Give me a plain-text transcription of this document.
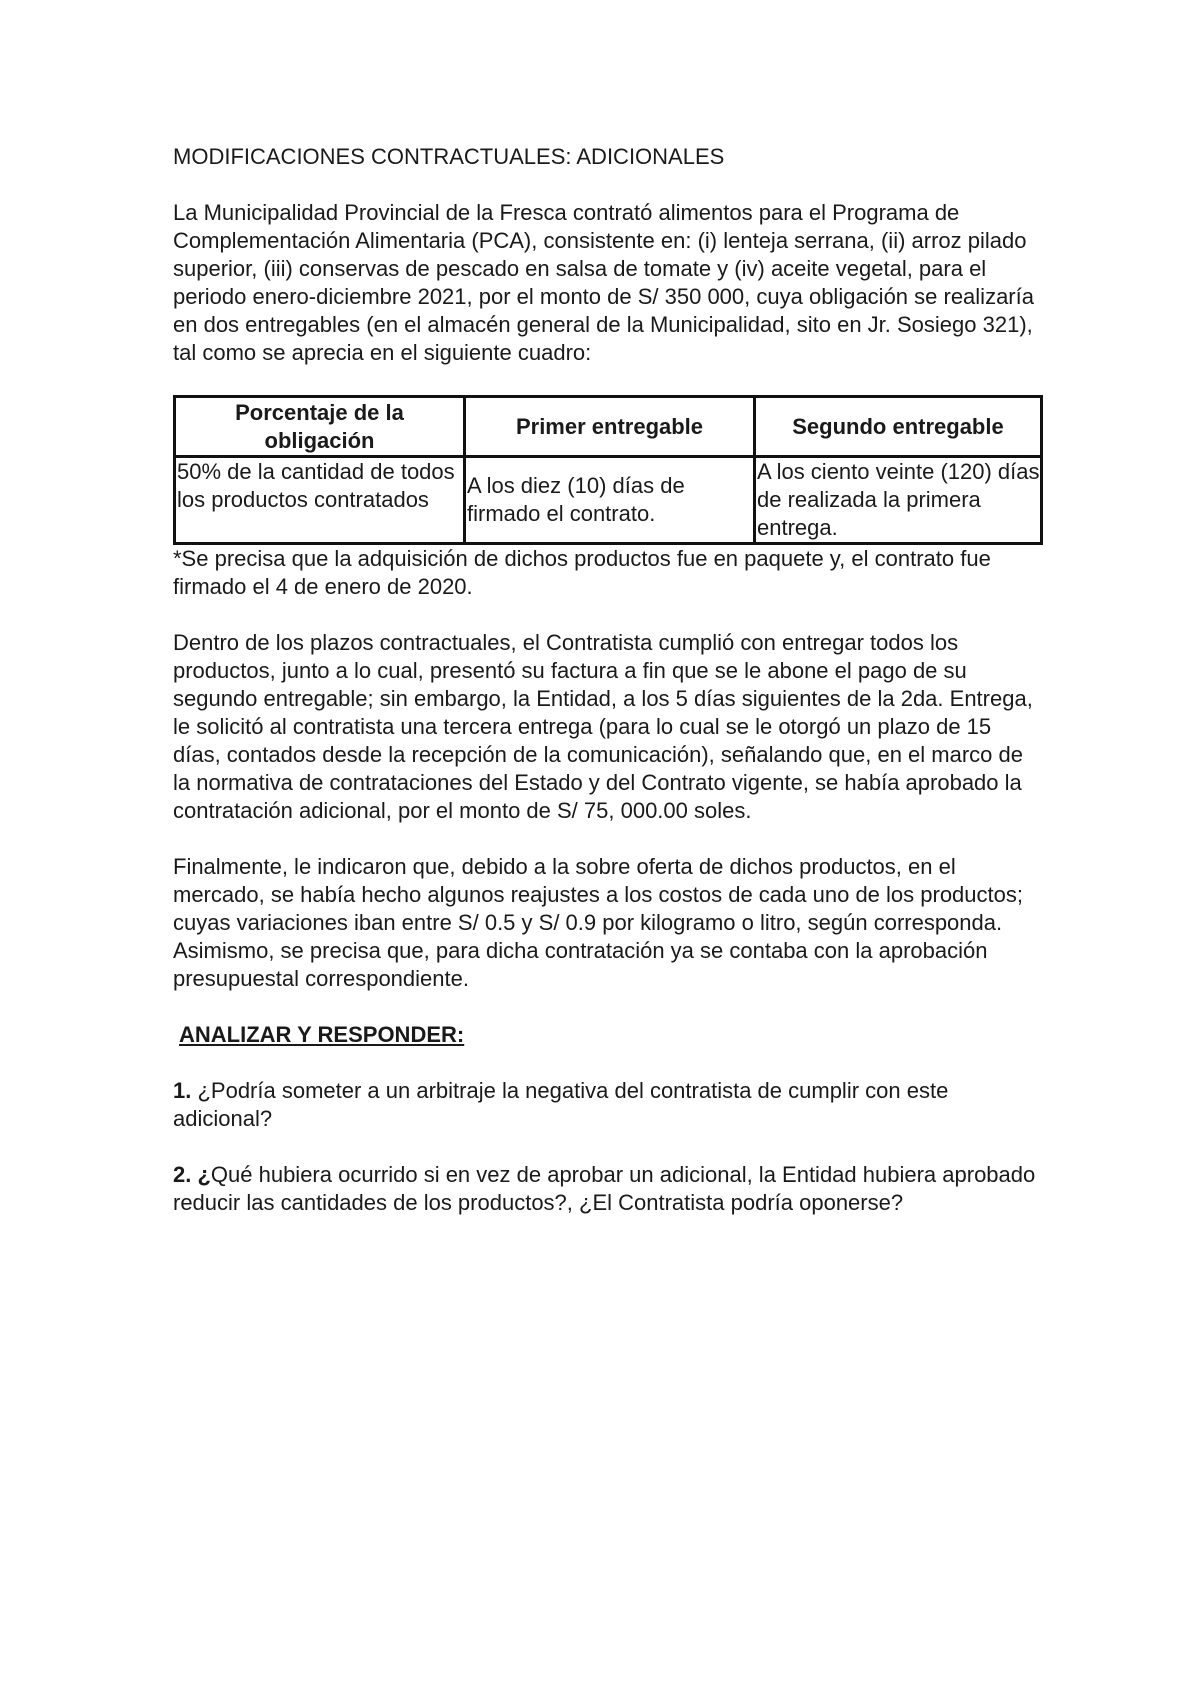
MODIFICACIONES CONTRACTUALES: ADICIONALES

La Municipalidad Provincial de la Fresca contrató alimentos para el Programa de Complementación Alimentaria (PCA), consistente en: (i) lenteja serrana, (ii) arroz pilado superior, (iii) conservas de pescado en salsa de tomate y (iv) aceite vegetal, para el periodo enero-diciembre 2021, por el monto de S/ 350 000, cuya obligación se realizaría en dos entregables (en el almacén general de la Municipalidad, sito en Jr. Sosiego 321), tal como se aprecia en el siguiente cuadro:

Porcentaje de la obligación	Primer entregable	Segundo entregable
50% de la cantidad de todos los productos contratados	A los diez (10) días de firmado el contrato.	A los ciento veinte (120) días de realizada la primera entrega.

*Se precisa que la adquisición de dichos productos fue en paquete y, el contrato fue firmado el 4 de enero de 2020.

Dentro de los plazos contractuales, el Contratista cumplió con entregar todos los productos, junto a lo cual, presentó su factura a fin que se le abone el pago de su segundo entregable; sin embargo, la Entidad, a los 5 días siguientes de la 2da. Entrega, le solicitó al contratista una tercera entrega (para lo cual se le otorgó un plazo de 15 días, contados desde la recepción de la comunicación), señalando que, en el marco de la normativa de contrataciones del Estado y del Contrato vigente, se había aprobado la contratación adicional, por el monto de S/ 75, 000.00 soles.

Finalmente, le indicaron que, debido a la sobre oferta de dichos productos, en el mercado, se había hecho algunos reajustes a los costos de cada uno de los productos; cuyas variaciones iban entre S/ 0.5 y S/ 0.9 por kilogramo o litro, según corresponda. Asimismo, se precisa que, para dicha contratación ya se contaba con la aprobación presupuestal correspondiente.

ANALIZAR Y RESPONDER:

1. ¿Podría someter a un arbitraje la negativa del contratista de cumplir con este adicional?

2. ¿Qué hubiera ocurrido si en vez de aprobar un adicional, la Entidad hubiera aprobado reducir las cantidades de los productos?, ¿El Contratista podría oponerse?
